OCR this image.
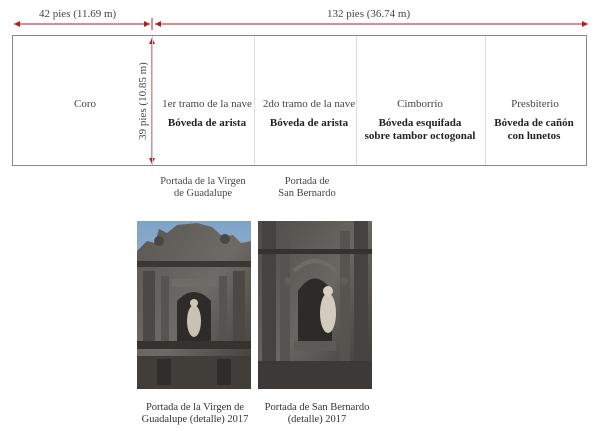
42 pies (11.69 m)	132 pies (36.74 m)
39 pies (10.85 m)
Coro	1er tramo de la nave
Bóveda de arista
2do tramo de la nave
Bóveda de arista
Cimborrio
Bóveda esquifada
sobre tambor octogonal
Presbiterio
Bóveda de cañón
con lunetos
Portada de la Virgen
de Guadalupe
Portada de
San Bernardo
Portada de la Virgen de
Guadalupe (detalle) 2017
Portada de San Bernardo
(detalle) 2017
